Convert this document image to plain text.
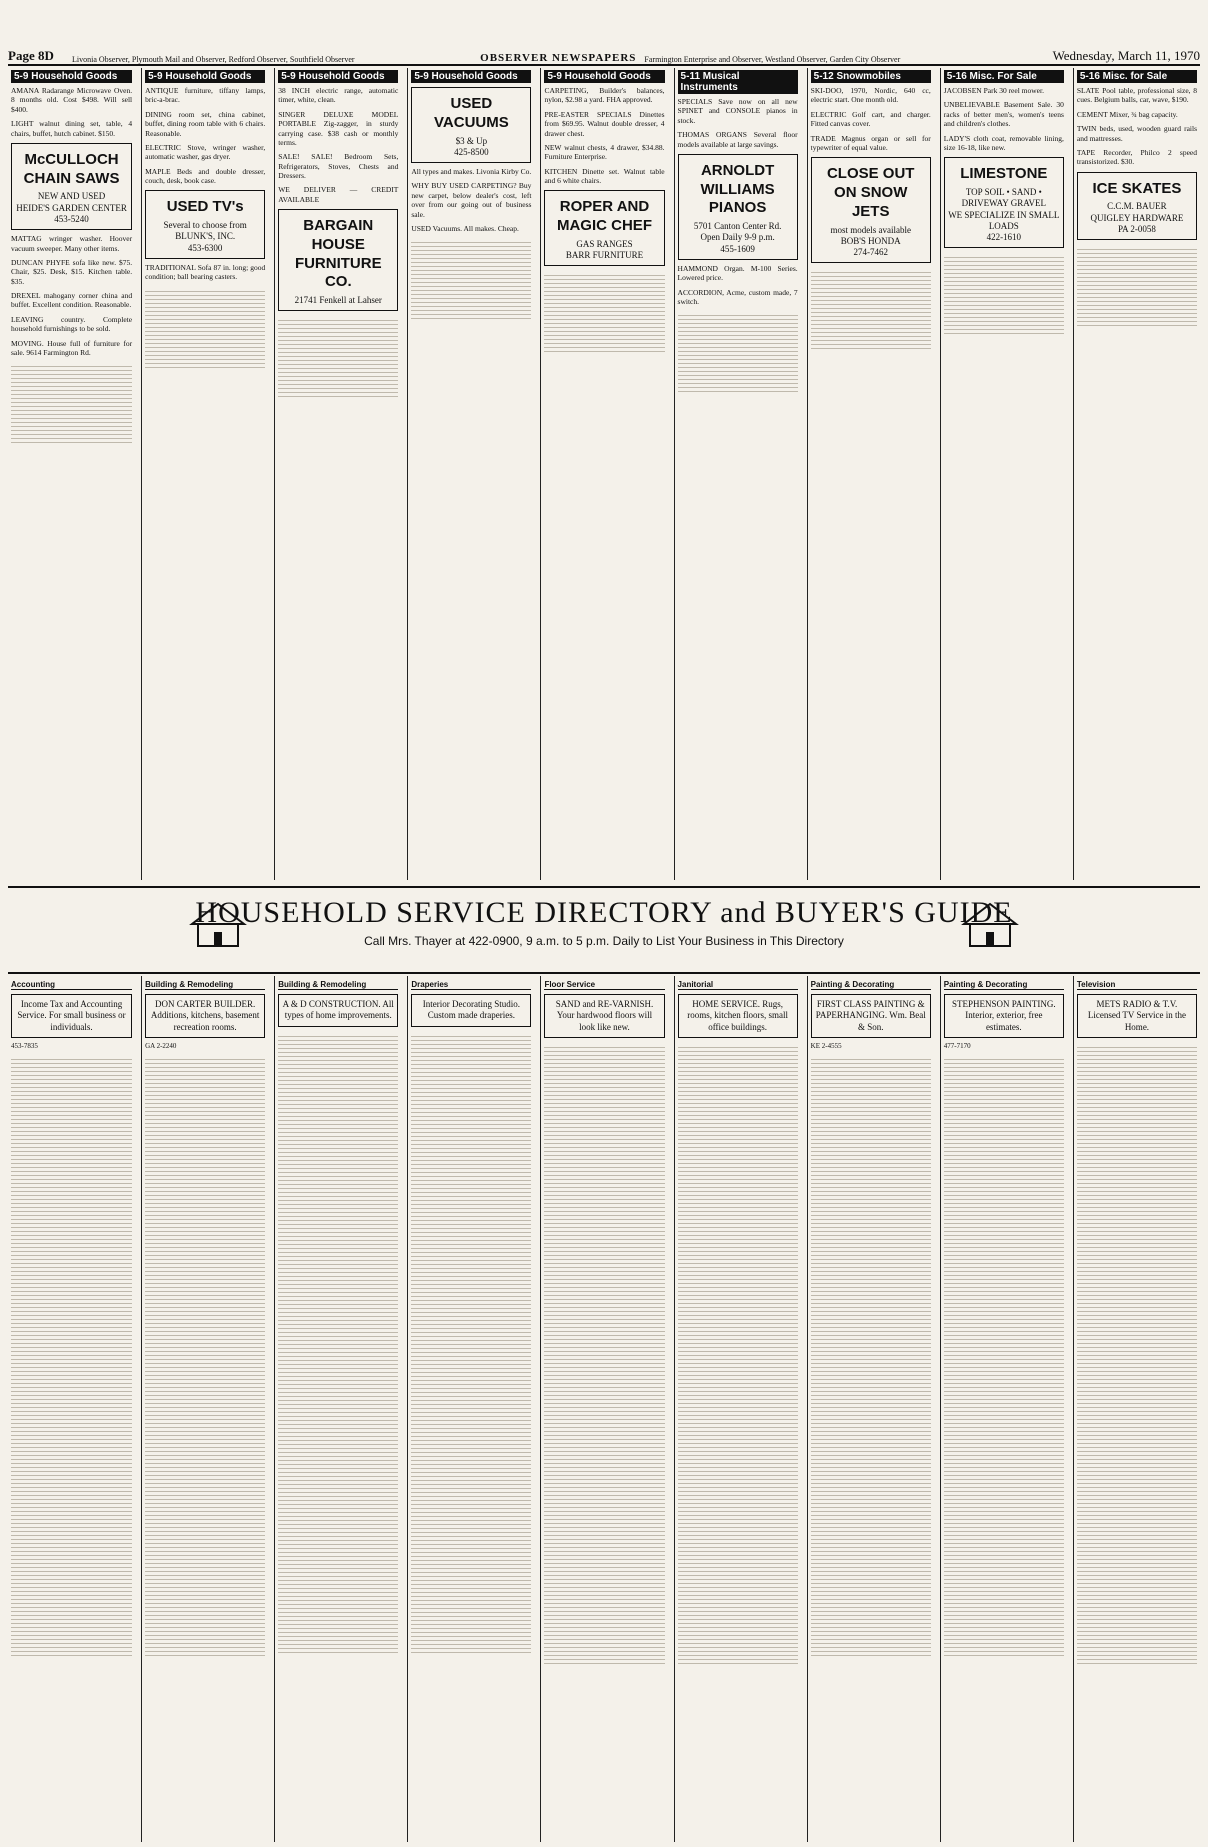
Page 8D	Livonia Observer, Plymouth Mail and Observer, Redford Observer, Southfield Observer	OBSERVER NEWSPAPERS Farmington Enterprise and Observer, Westland Observer, Garden City Observer	Wednesday, March 11, 1970
5-9 Household Goods
AMANA Radarange Microwave Oven. 8 months old. Cost $498. Will sell $400.
LIGHT walnut dining set, table, 4 chairs, buffet, hutch cabinet. $150.
McCULLOCH CHAIN SAWS
NEW AND USED
HEIDE'S GARDEN CENTER
453-5240
MATTAG wringer washer. Hoover vacuum sweeper. Many other items.
DUNCAN PHYFE sofa like new. $75. Chair, $25. Desk, $15. Kitchen table. $35.
DREXEL mahogany corner china and buffet. Excellent condition. Reasonable.
LEAVING country. Complete household furnishings to be sold.
MOVING. House full of furniture for sale. 9614 Farmington Rd.
5-9 Household Goods
ANTIQUE furniture, tiffany lamps, bric-a-brac.
DINING room set, china cabinet, buffet, dining room table with 6 chairs. Reasonable.
ELECTRIC Stove, wringer washer, automatic washer, gas dryer.
MAPLE Beds and double dresser, couch, desk, book case.
USED TV's
Several to choose from
BLUNK'S, INC.
453-6300
TRADITIONAL Sofa 87 in. long; good condition; ball bearing casters.
5-9 Household Goods
38 INCH electric range, automatic timer, white, clean.
SINGER DELUXE MODEL PORTABLE Zig-zagger, in sturdy carrying case. $38 cash or monthly terms.
SALE! SALE! Bedroom Sets, Refrigerators, Stoves, Chests and Dressers.
WE DELIVER — CREDIT AVAILABLE
BARGAIN HOUSE FURNITURE CO.
21741 Fenkell at Lahser
5-9 Household Goods
USED VACUUMS
$3 & Up
425-8500
All types and makes. Livonia Kirby Co.
WHY BUY USED CARPETING? Buy new carpet, below dealer's cost, left over from our going out of business sale.
USED Vacuums. All makes. Cheap.
5-9 Household Goods
CARPETING, Builder's balances, nylon, $2.98 a yard. FHA approved.
PRE-EASTER SPECIALS Dinettes from $69.95. Walnut double dresser, 4 drawer chest.
NEW walnut chests, 4 drawer, $34.88. Furniture Enterprise.
KITCHEN Dinette set. Walnut table and 6 white chairs.
ROPER AND MAGIC CHEF
GAS RANGES
BARR FURNITURE
5-11 Musical Instruments
SPECIALS Save now on all new SPINET and CONSOLE pianos in stock.
THOMAS ORGANS Several floor models available at large savings.
ARNOLDT WILLIAMS PIANOS
5701 Canton Center Rd.
Open Daily 9-9 p.m.
455-1609
HAMMOND Organ. M-100 Series. Lowered price.
ACCORDION, Acme, custom made, 7 switch.
5-12 Snowmobiles
SKI-DOO, 1970, Nordic, 640 cc, electric start. One month old.
ELECTRIC Golf cart, and charger. Fitted canvas cover.
TRADE Magnus organ or sell for typewriter of equal value.
CLOSE OUT ON SNOW JETS
most models available
BOB'S HONDA
274-7462
5-16 Misc. For Sale
JACOBSEN Park 30 reel mower.
UNBELIEVABLE Basement Sale. 30 racks of better men's, women's teens and children's clothes.
LADY'S cloth coat, removable lining, size 16-18, like new.
LIMESTONE
TOP SOIL • SAND • DRIVEWAY GRAVEL
WE SPECIALIZE IN SMALL LOADS
422-1610
5-16 Misc. for Sale
SLATE Pool table, professional size, 8 cues. Belgium balls, car, wave, $190.
CEMENT Mixer, ¾ bag capacity.
TWIN beds, used, wooden guard rails and mattresses.
TAPE Recorder, Philco 2 speed transistorized. $30.
ICE SKATES
C.C.M. BAUER
QUIGLEY HARDWARE
PA 2-0058
HOUSEHOLD SERVICE DIRECTORY and BUYER'S GUIDE
Call Mrs. Thayer at 422-0900, 9 a.m. to 5 p.m. Daily to List Your Business in This Directory
Accounting
Income Tax and Accounting Service. For small business or individuals.
453-7835
Building & Remodeling
DON CARTER BUILDER. Additions, kitchens, basement recreation rooms.
GA 2-2240
Building & Remodeling
A & D CONSTRUCTION. All types of home improvements.
Draperies
Interior Decorating Studio. Custom made draperies.
Floor Service
SAND and RE-VARNISH. Your hardwood floors will look like new.
Janitorial
HOME SERVICE. Rugs, rooms, kitchen floors, small office buildings.
Painting & Decorating
FIRST CLASS PAINTING & PAPERHANGING. Wm. Beal & Son.
KE 2-4555
Painting & Decorating
STEPHENSON PAINTING. Interior, exterior, free estimates.
477-7170
Television
METS RADIO & T.V. Licensed TV Service in the Home.
